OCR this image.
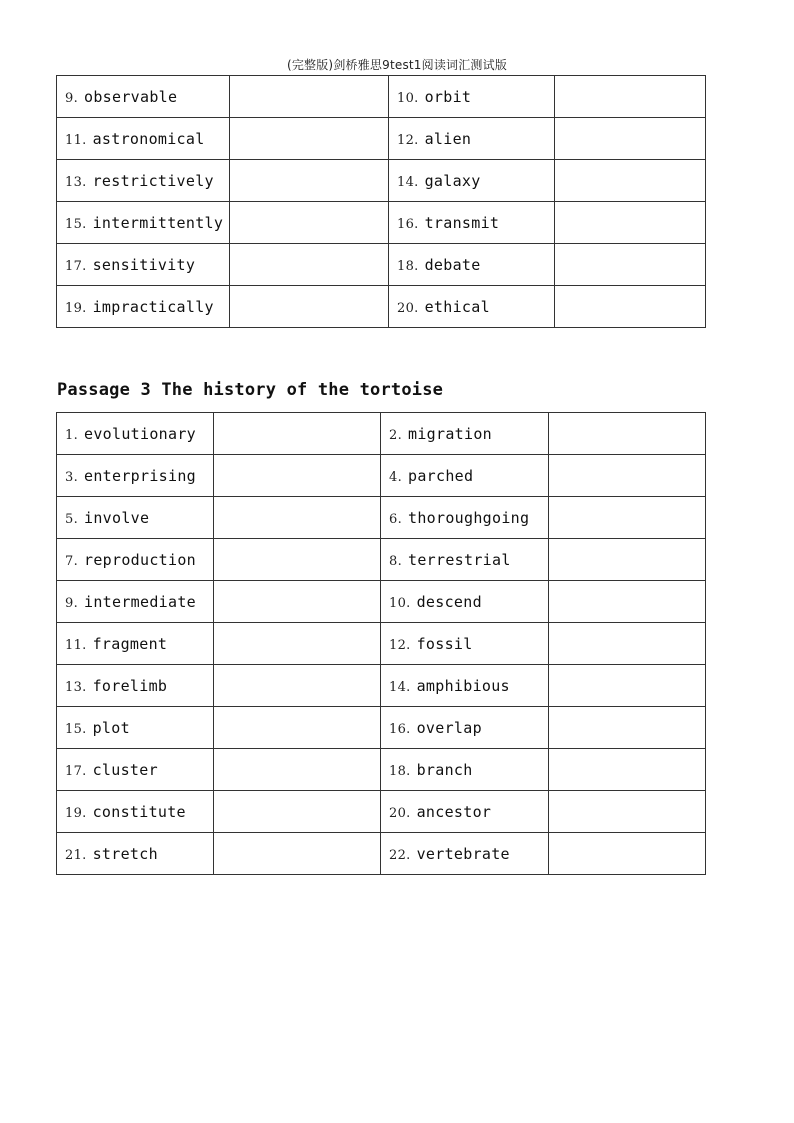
(完整版)剑桥雅思9test1阅读词汇测试版
9. observable		10. orbit	
11. astronomical		12. alien	
13. restrictively		14. galaxy	
15. intermittently		16. transmit	
17. sensitivity		18. debate	
19. impractically		20. ethical	
Passage 3 The history of the tortoise
1. evolutionary		2. migration	
3. enterprising		4. parched	
5. involve		6. thoroughgoing	
7. reproduction		8. terrestrial	
9. intermediate		10. descend	
11. fragment		12. fossil	
13. forelimb		14. amphibious	
15. plot		16. overlap	
17. cluster		18. branch	
19. constitute		20. ancestor	
21. stretch		22. vertebrate	
